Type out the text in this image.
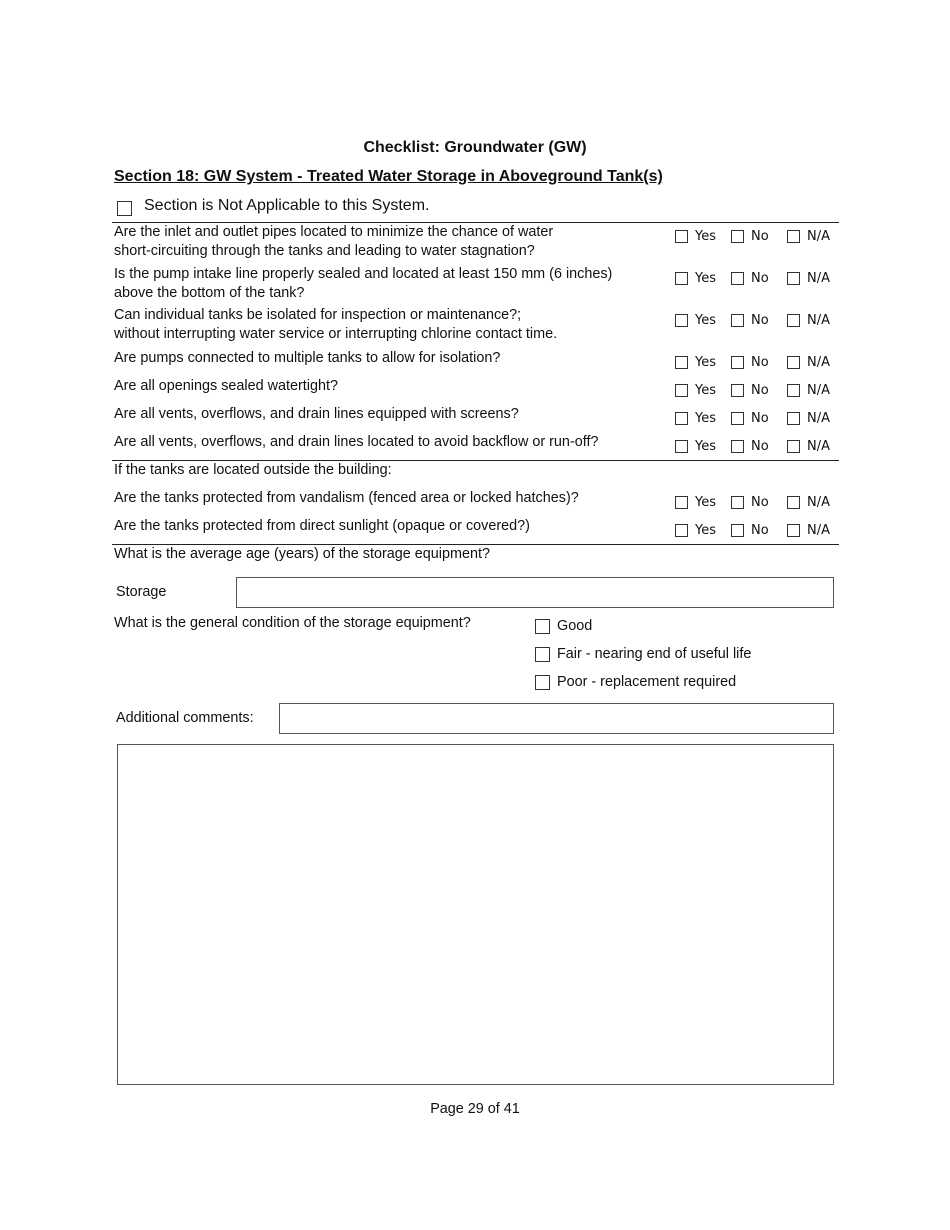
Checklist: Groundwater (GW)
Section 18: GW System - Treated Water Storage in Aboveground Tank(s)
Section is Not Applicable to this System.
Are the inlet and outlet pipes located to minimize the chance of water
short-circuiting through the tanks and leading to water stagnation?
Yes	No	N/A
Is the pump intake line properly sealed and located at least 150 mm (6 inches)
above the bottom of the tank?
Yes	No	N/A
Can individual tanks be isolated for inspection or maintenance?;
without interrupting water service or interrupting chlorine contact time.
Yes	No	N/A
Are pumps connected to multiple tanks to allow for isolation?	Yes	No	N/A
Are all openings sealed watertight?	Yes	No	N/A
Are all vents, overflows, and drain lines equipped with screens?	Yes	No	N/A
Are all vents, overflows, and drain lines located to avoid backflow or run-off?	Yes	No	N/A
If the tanks are located outside the building:
Are the tanks protected from vandalism (fenced area or locked hatches)?	Yes	No	N/A
Are the tanks protected from direct sunlight (opaque or covered?)	Yes	No	N/A
What is the average age (years) of the storage equipment?
Storage
What is the general condition of the storage equipment?	Good
Fair - nearing end of useful life
Poor - replacement required
Additional comments:
Page 29 of 41
